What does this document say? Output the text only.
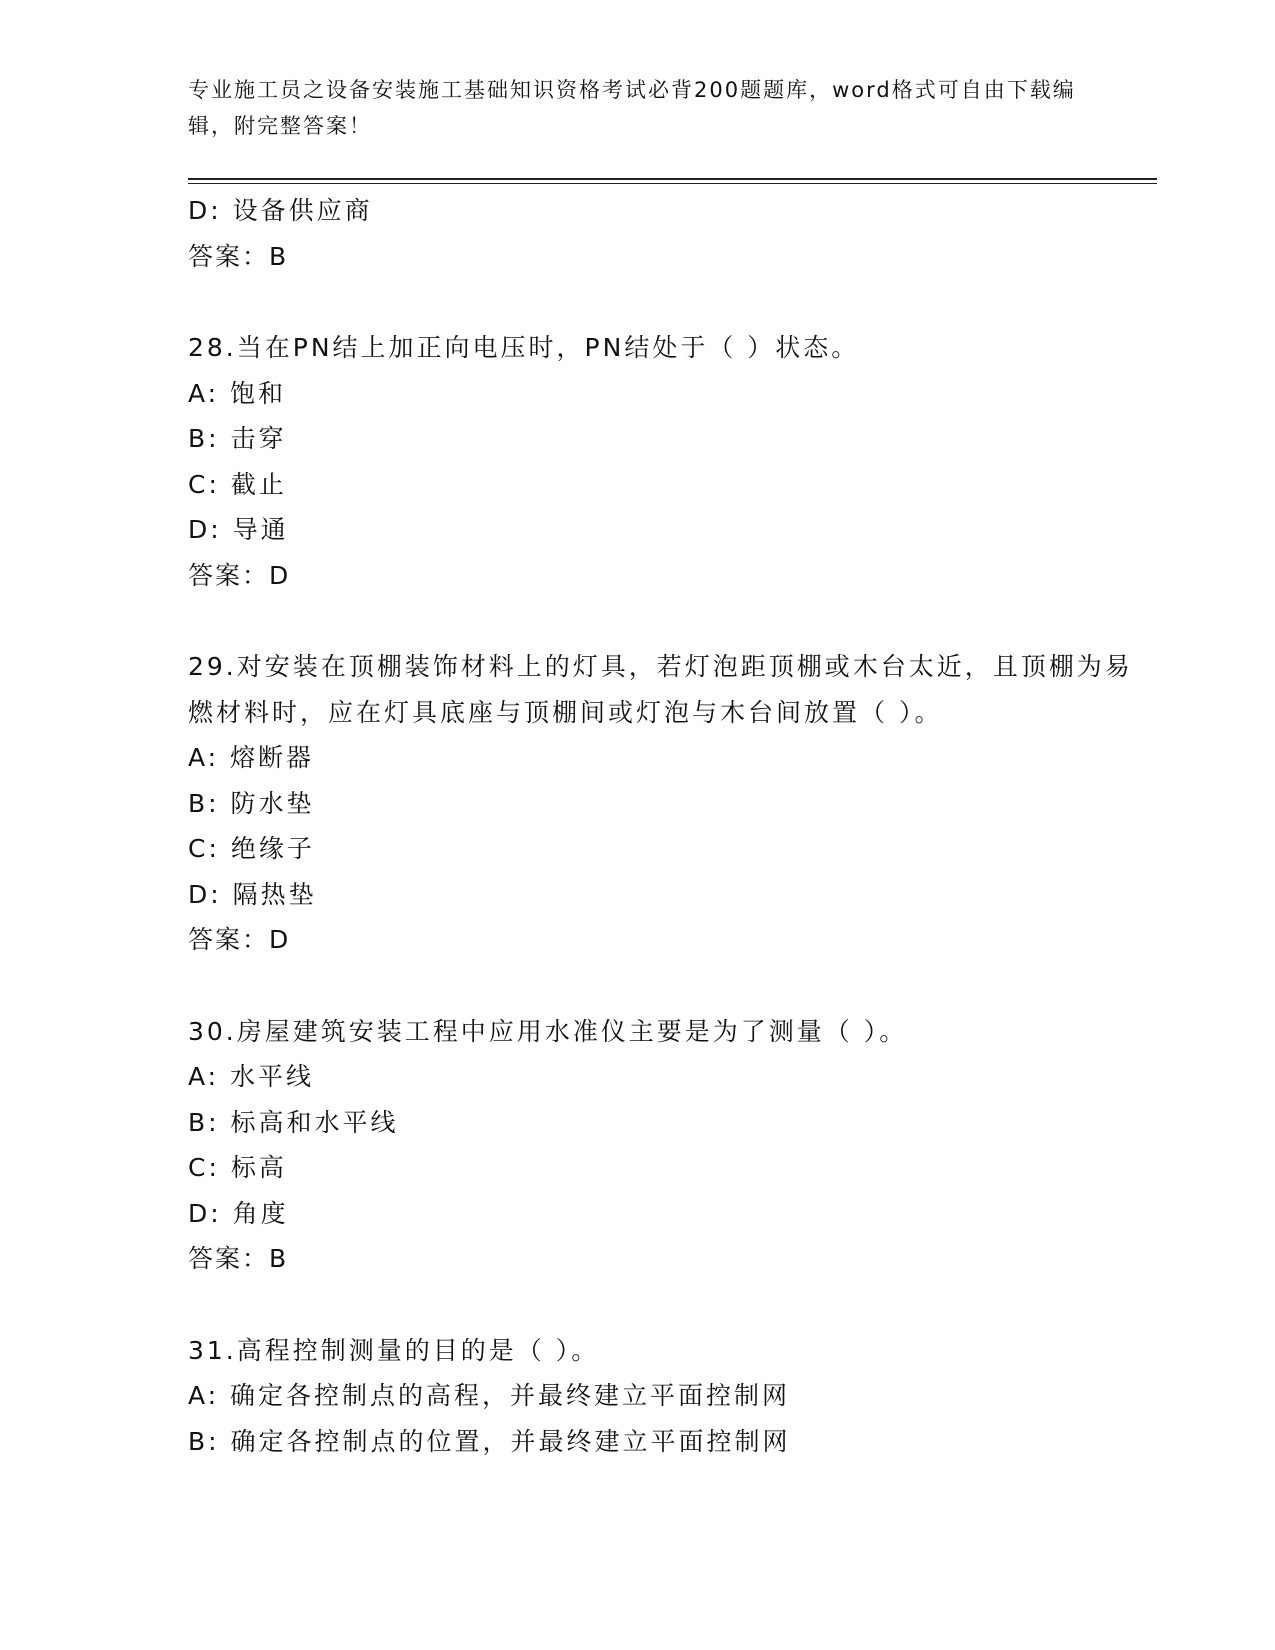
专业施工员之设备安装施工基础知识资格考试必背200题题库，word格式可自由下载编辑，附完整答案！
D: 设备供应商
答案：B
28.当在PN结上加正向电压时，PN结处于（ ）状态。
A: 饱和
B: 击穿
C: 截止
D: 导通
答案：D
29.对安装在顶棚装饰材料上的灯具，若灯泡距顶棚或木台太近，且顶棚为易燃材料时，应在灯具底座与顶棚间或灯泡与木台间放置（ ）。
A: 熔断器
B: 防水垫
C: 绝缘子
D: 隔热垫
答案：D
30.房屋建筑安装工程中应用水准仪主要是为了测量（ ）。
A: 水平线
B: 标高和水平线
C: 标高
D: 角度
答案：B
31.高程控制测量的目的是（ ）。
A: 确定各控制点的高程，并最终建立平面控制网
B: 确定各控制点的位置，并最终建立平面控制网
